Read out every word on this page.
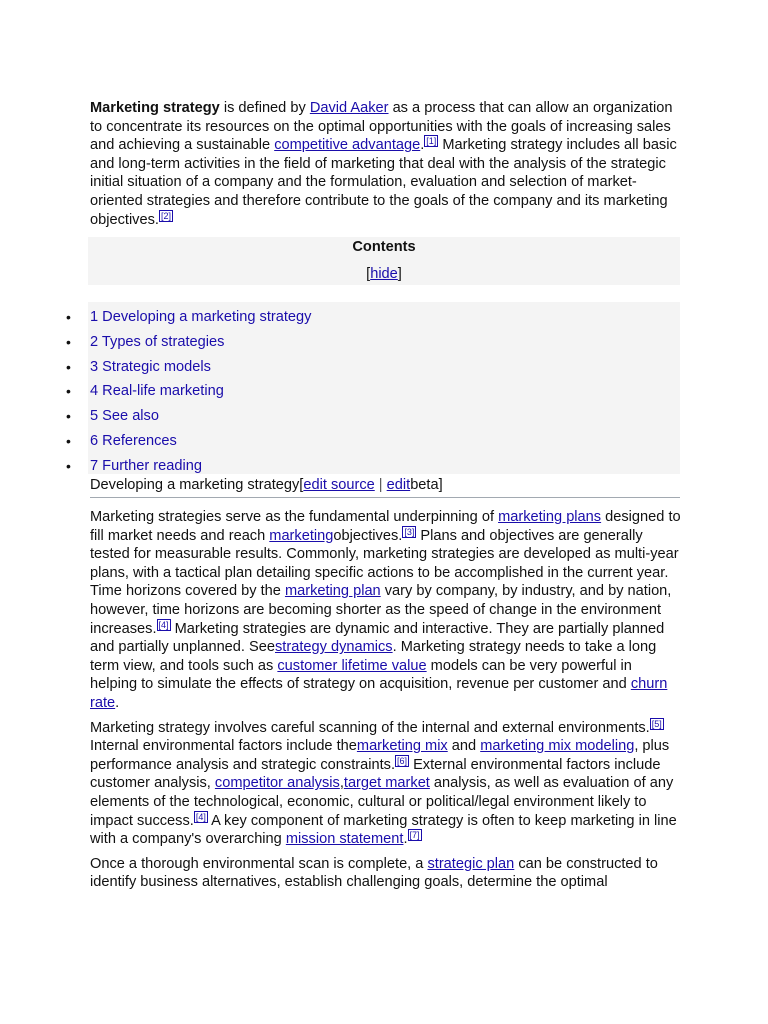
Marketing strategy is defined by David Aaker as a process that can allow an organization to concentrate its resources on the optimal opportunities with the goals of increasing sales and achieving a sustainable competitive advantage. [1] Marketing strategy includes all basic and long-term activities in the field of marketing that deal with the analysis of the strategic initial situation of a company and the formulation, evaluation and selection of market-oriented strategies and therefore contribute to the goals of the company and its marketing objectives. [2]

Contents
[hide]
• 1 Developing a marketing strategy
• 2 Types of strategies
• 3 Strategic models
• 4 Real-life marketing
• 5 See also
• 6 References
• 7 Further reading
Developing a marketing strategy[edit source | editbeta]

Marketing strategies serve as the fundamental underpinning of marketing plans designed to fill market needs and reach marketingobjectives. [3] Plans and objectives are generally tested for measurable results. Commonly, marketing strategies are developed as multi-year plans, with a tactical plan detailing specific actions to be accomplished in the current year. Time horizons covered by the marketing plan vary by company, by industry, and by nation, however, time horizons are becoming shorter as the speed of change in the environment increases. [4] Marketing strategies are dynamic and interactive. They are partially planned and partially unplanned. Seestrategy dynamics. Marketing strategy needs to take a long term view, and tools such as customer lifetime value models can be very powerful in helping to simulate the effects of strategy on acquisition, revenue per customer and churn rate.

Marketing strategy involves careful scanning of the internal and external environments. [5] Internal environmental factors include themarketing mix and marketing mix modeling, plus performance analysis and strategic constraints. [6] External environmental factors include customer analysis, competitor analysis,target market analysis, as well as evaluation of any elements of the technological, economic, cultural or political/legal environment likely to impact success. [4] A key component of marketing strategy is often to keep marketing in line with a company's overarching mission statement. [7]

Once a thorough environmental scan is complete, a strategic plan can be constructed to identify business alternatives, establish challenging goals, determine the optimal
